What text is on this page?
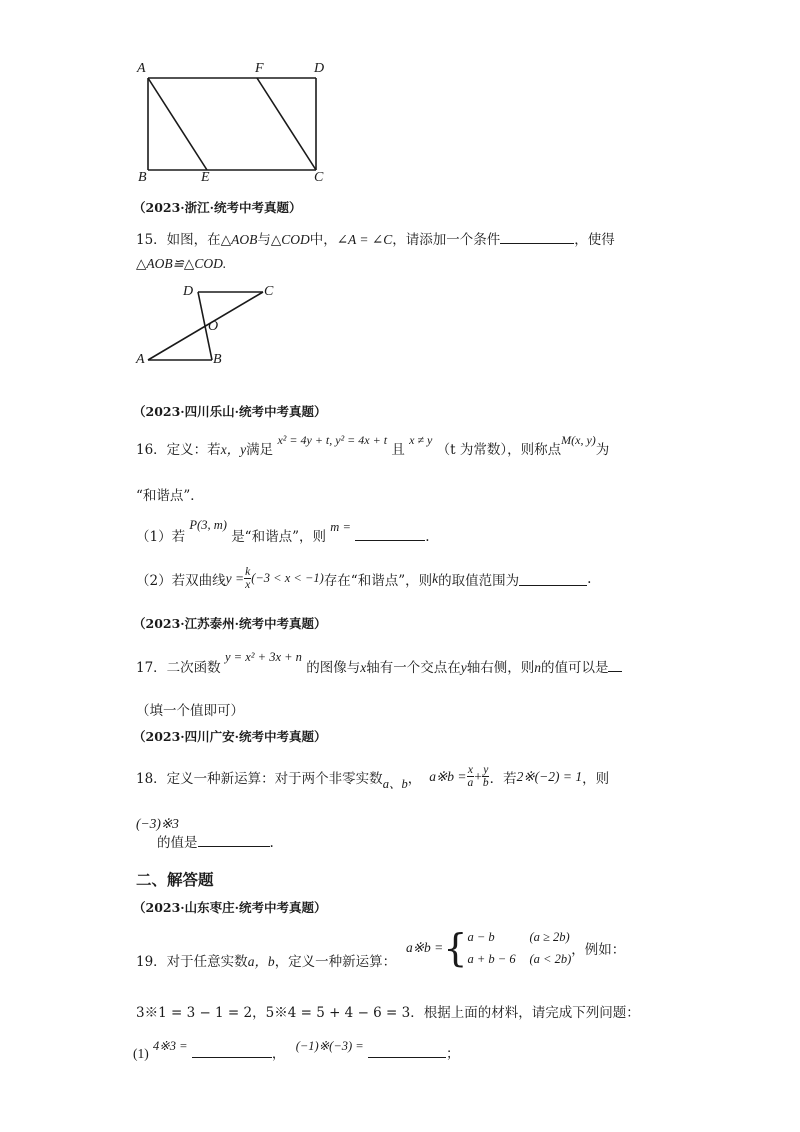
A	F	D
B	E	C
（2023·浙江·统考中考真题）
15．如图，在△AOB与△COD中，∠A = ∠C，请添加一个条件	，使得
△AOB≌△COD.
D	C
O
A	B
（2023·四川乐山·统考中考真题）
16．定义：若x，y满足 x² = 4y + t, y² = 4x + t 且 x ≠ y （t 为常数），则称点M(x, y)为
“和谐点”．
（1）若 P(3, m) 是“和谐点”，则 m = .
（2）若双曲线 $y = \frac{k}{x} (-3 < x < -1)$ 存在“和谐点”，则 k 的取值范围为	.
（2023·江苏泰州·统考中考真题）
17．二次函数 y = x² + 3x + n 的图像与x轴有一个交点在y轴右侧，则n的值可以是
（填一个值即可）
（2023·四川广安·统考中考真题）
18．定义一种新运算：对于两个非零实数 a、b ， a※b = $\frac{x}{a} + \frac{y}{b}$ ．若 2※(−2) = 1 ，则
(−3)※3
的值是	.
二、解答题
（2023·山东枣庄·统考中考真题）
19．对于任意实数a，b，定义一种新运算：
a※b = { a − b	(a ≥ 2b)
a + b − 6 (a < 2b)
，例如：
3※1 = 3 − 1 = 2，5※4 = 5 + 4 − 6 = 3．根据上面的材料，请完成下列问题：
(1) 4※3 =	， (−1)※(−3) =	；
